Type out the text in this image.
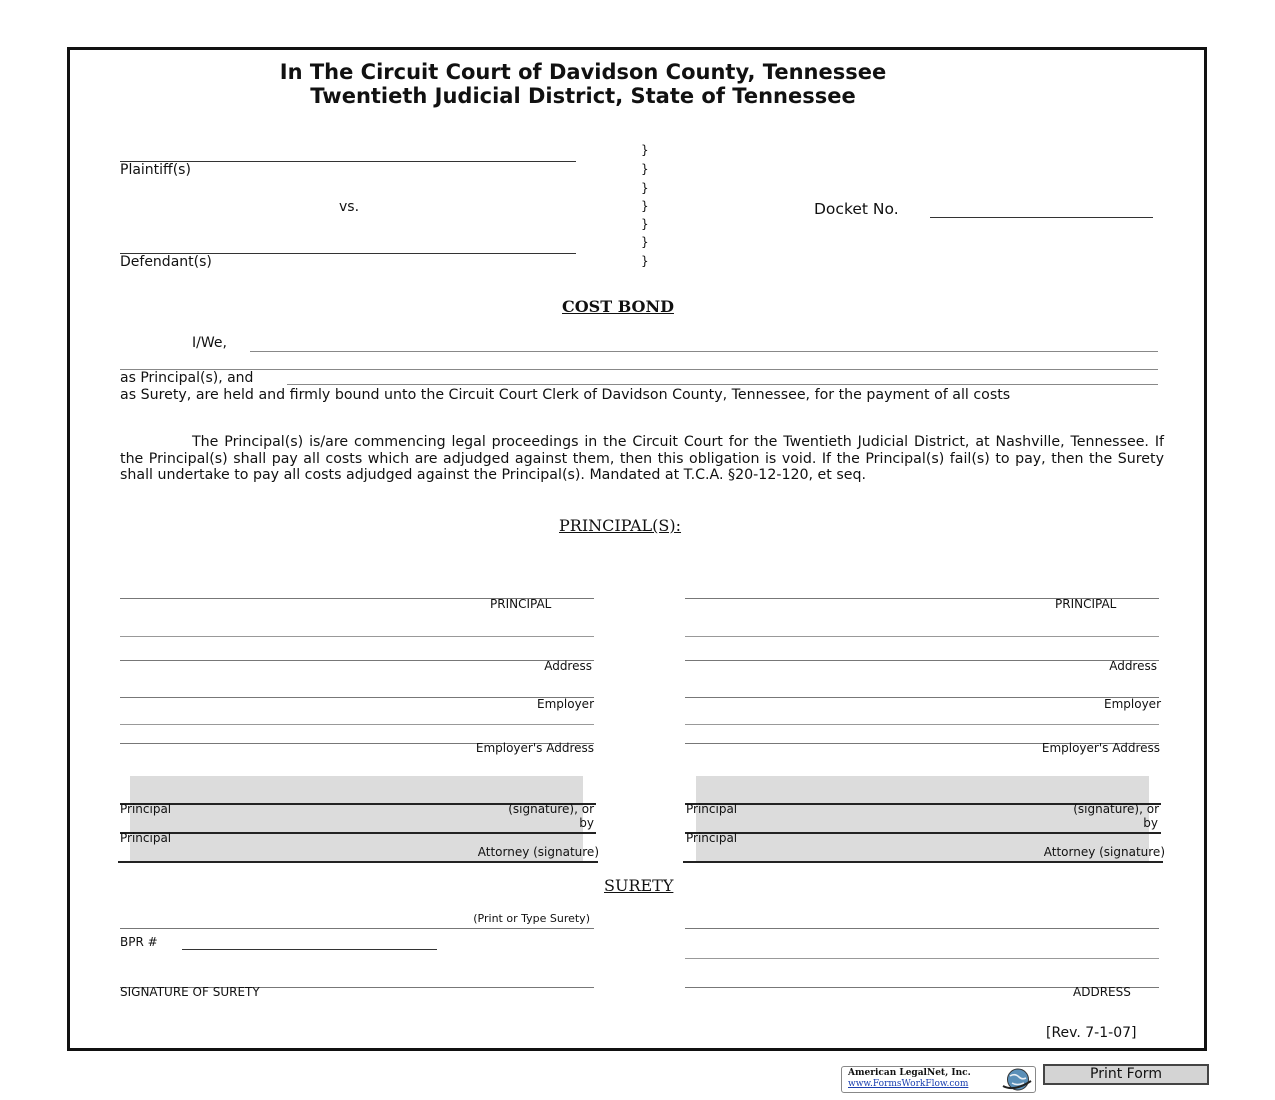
In The Circuit Court of Davidson County, Tennessee
Twentieth Judicial District, State of Tennessee
Plaintiff(s)
vs.
Defendant(s)
}
}
}
}
}
}
}
Docket No.
COST BOND
I/We,
as Principal(s), and
as Surety, are held and firmly bound unto the Circuit Court Clerk of Davidson County, Tennessee, for the payment of all costs
The Principal(s) is/are commencing legal proceedings in the Circuit Court for the Twentieth Judicial District, at Nashville, Tennessee. If the Principal(s) shall pay all costs which are adjudged against them, then this obligation is void. If the Principal(s) fail(s) to pay, then the Surety shall undertake to pay all costs adjudged against the Principal(s). Mandated at T.C.A. §20-12-120, et seq.
PRINCIPAL(S):
PRINCIPAL
Address
Employer
Employer's Address
Principal	(signature), or
by
Principal
Attorney (signature)
PRINCIPAL
Address
Employer
Employer's Address
Principal	(signature), or
by
Principal
Attorney (signature)
SURETY
(Print or Type Surety)
BPR #
SIGNATURE OF SURETY	ADDRESS
[Rev. 7-1-07]
American LegalNet, Inc.
www.FormsWorkFlow.com
Print Form
